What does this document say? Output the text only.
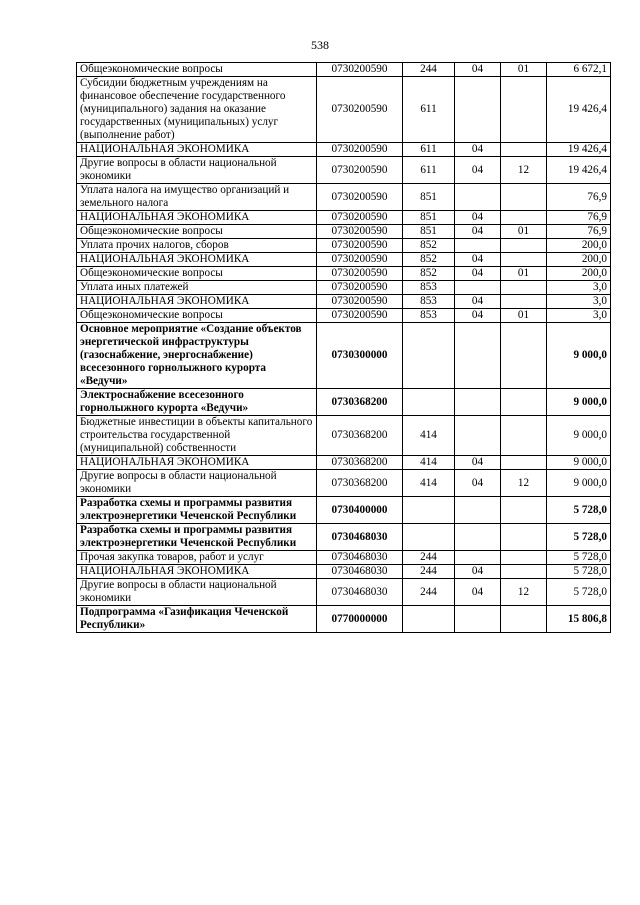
538
Общеэкономические вопросы	0730200590	244	04	01	6 672,1
Субсидии бюджетным учреждениям на финансовое обеспечение государственного (муниципального) задания на оказание государственных (муниципальных) услуг (выполнение работ)	0730200590	611			19 426,4
НАЦИОНАЛЬНАЯ ЭКОНОМИКА	0730200590	611	04		19 426,4
Другие вопросы в области национальной экономики	0730200590	611	04	12	19 426,4
Уплата налога на имущество организаций и земельного налога	0730200590	851			76,9
НАЦИОНАЛЬНАЯ ЭКОНОМИКА	0730200590	851	04		76,9
Общеэкономические вопросы	0730200590	851	04	01	76,9
Уплата прочих налогов, сборов	0730200590	852			200,0
НАЦИОНАЛЬНАЯ ЭКОНОМИКА	0730200590	852	04		200,0
Общеэкономические вопросы	0730200590	852	04	01	200,0
Уплата иных платежей	0730200590	853			3,0
НАЦИОНАЛЬНАЯ ЭКОНОМИКА	0730200590	853	04		3,0
Общеэкономические вопросы	0730200590	853	04	01	3,0
Основное мероприятие «Создание объектов энергетической инфраструктуры (газоснабжение, энергоснабжение) всесезонного горнолыжного курорта «Ведучи»	0730300000				9 000,0
Электроснабжение всесезонного горнолыжного курорта «Ведучи»	0730368200				9 000,0
Бюджетные инвестиции в объекты капитального строительства государственной (муниципальной) собственности	0730368200	414			9 000,0
НАЦИОНАЛЬНАЯ ЭКОНОМИКА	0730368200	414	04		9 000,0
Другие вопросы в области национальной экономики	0730368200	414	04	12	9 000,0
Разработка схемы и программы развития электроэнергетики Чеченской Республики	0730400000				5 728,0
Разработка схемы и программы развития электроэнергетики Чеченской Республики	0730468030				5 728,0
Прочая закупка товаров, работ и услуг	0730468030	244			5 728,0
НАЦИОНАЛЬНАЯ ЭКОНОМИКА	0730468030	244	04		5 728,0
Другие вопросы в области национальной экономики	0730468030	244	04	12	5 728,0
Подпрограмма «Газификация Чеченской Республики»	0770000000				15 806,8
